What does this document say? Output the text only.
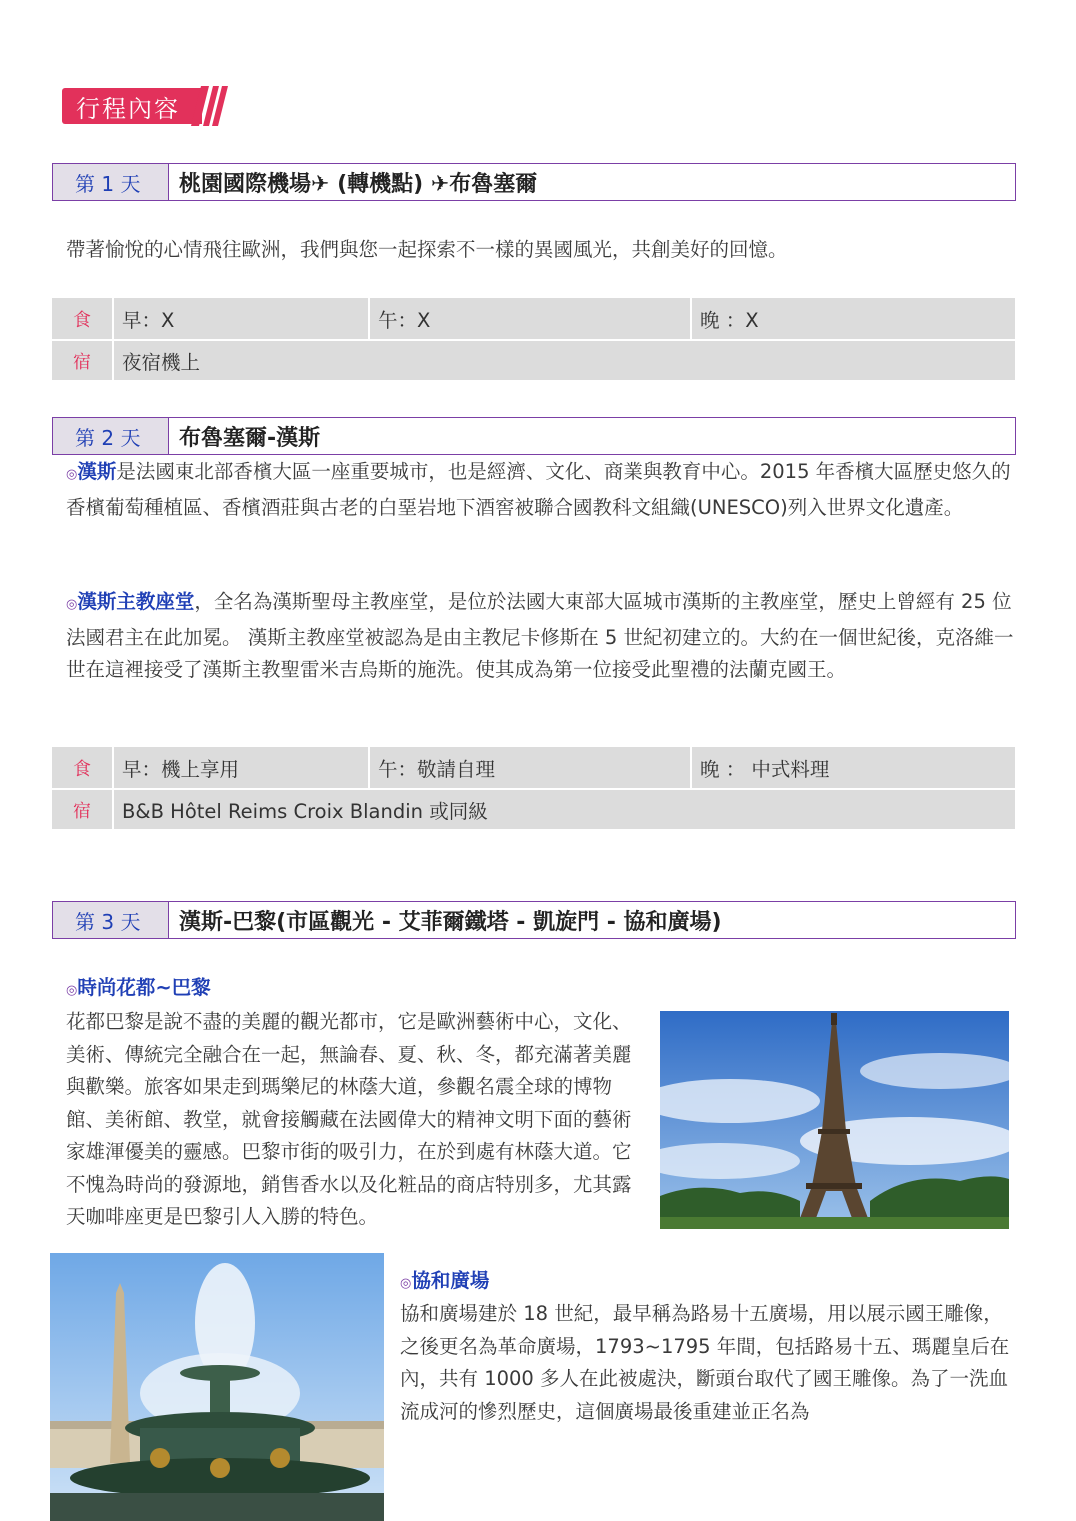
行程內容
第 1 天	桃園國際機場✈ (轉機點) ✈布魯塞爾
帶著愉悅的心情飛往歐洲，我們與您一起探索不一樣的異國風光，共創美好的回憶。
食	早：X	午：X	晚 ：X
宿	夜宿機上
第 2 天	布魯塞爾-漢斯
◎漢斯是法國東北部香檳大區一座重要城市，也是經濟、文化、商業與教育中心。2015 年香檳大區歷史悠久的香檳葡萄種植區、香檳酒莊與古老的白堊岩地下酒窖被聯合國教科文組織(UNESCO)列入世界文化遺產。
◎漢斯主教座堂，全名為漢斯聖母主教座堂，是位於法國大東部大區城市漢斯的主教座堂，歷史上曾經有 25 位法國君主在此加冕。 漢斯主教座堂被認為是由主教尼卡修斯在 5 世紀初建立的。大約在一個世紀後，克洛維一世在這裡接受了漢斯主教聖雷米吉烏斯的施洗。使其成為第一位接受此聖禮的法蘭克國王。
食	早：機上享用	午：敬請自理	晚 ： 中式料理
宿	B&B Hôtel Reims Croix Blandin 或同級
第 3 天	漢斯-巴黎(市區觀光 - 艾菲爾鐵塔 - 凱旋門 - 協和廣場)
◎時尚花都~巴黎
花都巴黎是說不盡的美麗的觀光都市，它是歐洲藝術中心，文化、美術、傳統完全融合在一起，無論春、夏、秋、冬，都充滿著美麗與歡樂。旅客如果走到瑪樂尼的林蔭大道，參觀名震全球的博物館、美術館、教堂，就會接觸藏在法國偉大的精神文明下面的藝術家雄渾優美的靈感。巴黎市街的吸引力，在於到處有林蔭大道。它不愧為時尚的發源地，銷售香水以及化粧品的商店特別多，尤其露天咖啡座更是巴黎引人入勝的特色。
◎協和廣場
協和廣場建於 18 世紀，最早稱為路易十五廣場，用以展示國王雕像，之後更名為革命廣場，1793~1795 年間，包括路易十五、瑪麗皇后在內，共有 1000 多人在此被處決，斷頭台取代了國王雕像。為了一洗血流成河的慘烈歷史，這個廣場最後重建並正名為
